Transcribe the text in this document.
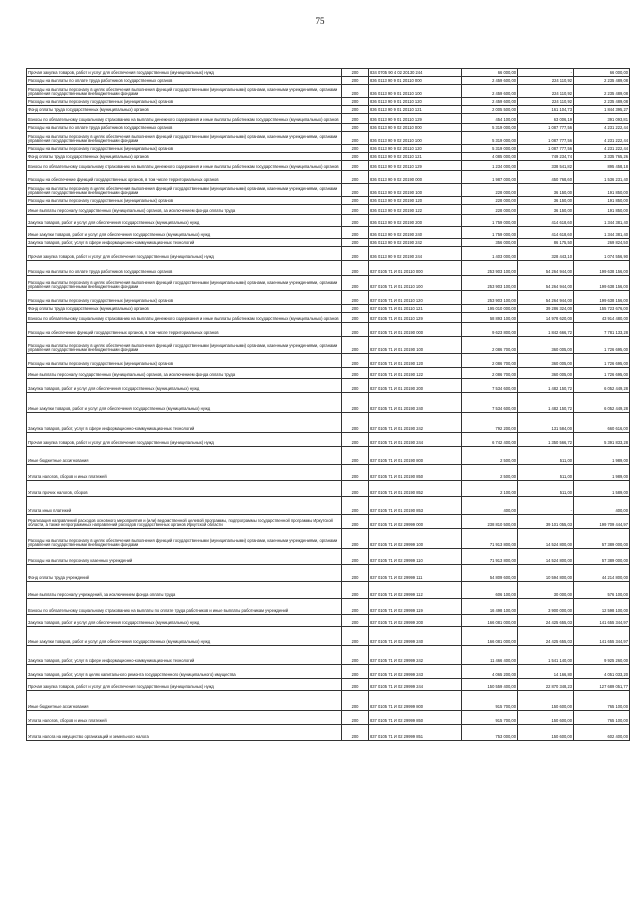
75
Прочая закупка товаров, работ и услуг для обеспечения государственных (муниципальных) нужд	200	834 0705 90 4 02 20130 244	66 000,00	-	66 000,00
Расходы на выплаты по оплате труда работников государственных органов	200	836 0113 90 9 01 20110 000	2 459 600,00	224 110,92	2 235 489,08
Расходы на выплаты персоналу в целях обеспечения выполнения функций государственными (муниципальными) органами, казенными учреждениями, органами управления государственными внебюджетными фондами	200	836 0113 90 9 01 20110 100	2 459 600,00	224 110,92	2 235 489,08
Расходы на выплаты персоналу государственных (муниципальных) органов	200	836 0113 90 9 01 20110 120	2 459 600,00	224 110,92	2 235 489,08
Фонд оплаты труда государственных (муниципальных) органов	200	836 0113 90 9 01 20110 121	2 005 500,00	161 104,73	1 844 395,27
Взносы по обязательному социальному страхованию на выплаты денежного содержания и иные выплаты работникам государственных (муниципальных) органов	200	836 0113 90 9 01 20110 129	454 100,00	63 006,19	391 093,81
Расходы на выплаты по оплате труда работников государственных органов	200	836 0113 90 9 02 20110 000	5 319 000,00	1 087 777,56	4 231 222,44
Расходы на выплаты персоналу в целях обеспечения выполнения функций государственными (муниципальными) органами, казенными учреждениями, органами управления государственными внебюджетными фондами	200	836 0113 90 9 02 20110 100	5 319 000,00	1 087 777,56	4 231 222,44
Расходы на выплаты персоналу государственных (муниципальных) органов	200	836 0113 90 9 02 20110 120	5 319 000,00	1 087 777,56	4 231 222,44
Фонд оплаты труда государственных (муниципальных) органов	200	836 0113 90 9 02 20110 121	4 085 000,00	749 234,74	3 335 765,26
Взносы по обязательному социальному страхованию на выплаты денежного содержания и иные выплаты работникам государственных (муниципальных) органов	200	836 0113 90 9 02 20110 129	1 234 000,00	338 541,82	895 458,18
Расходы на обеспечение функций государственных органов, в том числе территориальных органов	200	836 0113 90 9 02 20190 000	1 987 000,00	450 768,60	1 536 231,40
Расходы на выплаты персоналу в целях обеспечения выполнения функций государственными (муниципальными) органами, казенными учреждениями, органами управления государственными внебюджетными фондами	200	836 0113 90 9 02 20190 100	228 000,00	36 150,00	191 850,00
Расходы на выплаты персоналу государственных (муниципальных) органов	200	836 0113 90 9 02 20190 120	228 000,00	36 150,00	191 850,00
Иные выплаты персоналу государственных (муниципальных) органов, за исключением фонда оплаты труда	200	836 0113 90 9 02 20190 122	228 000,00	36 150,00	191 850,00
Закупка товаров, работ и услуг для обеспечения государственных (муниципальных) нужд	200	836 0113 90 9 02 20190 200	1 759 000,00	414 618,60	1 344 381,40
Иные закупки товаров, работ и услуг для обеспечения государственных (муниципальных) нужд	200	836 0113 90 9 02 20190 240	1 759 000,00	414 618,60	1 344 381,40
Закупка товаров, работ, услуг в сфере информационно-коммуникационных технологий	200	836 0113 90 9 02 20190 242	356 000,00	86 175,50	269 824,50
Прочая закупка товаров, работ и услуг для обеспечения государственных (муниципальных) нужд	200	836 0113 90 9 02 20190 244	1 403 000,00	328 443,10	1 074 556,90
Расходы на выплаты по оплате труда работников государственных органов	200	837 0105 71 И 01 20110 000	253 903 100,00	54 264 944,00	199 638 156,00
Расходы на выплаты персоналу в целях обеспечения выполнения функций государственными (муниципальными) органами, казенными учреждениями, органами управления государственными внебюджетными фондами	200	837 0105 71 И 01 20110 100	253 903 100,00	54 264 944,00	199 638 156,00
Расходы на выплаты персоналу государственных (муниципальных) органов	200	837 0105 71 И 01 20110 120	253 903 100,00	54 264 944,00	199 638 156,00
Фонд оплаты труда государственных (муниципальных) органов	200	837 0105 71 И 01 20110 121	195 010 000,00	39 286 324,00	155 723 676,00
Взносы по обязательному социальному страхованию на выплаты денежного содержания и иные выплаты работникам государственных (муниципальных) органов	200	837 0105 71 И 01 20110 129	58 893 100,00	14 978 620,00	43 914 480,00
Расходы на обеспечение функций государственных органов, в том числе территориальных органов	200	837 0105 71 И 01 20190 000	9 623 800,00	1 842 666,72	7 781 133,28
Расходы на выплаты персоналу в целях обеспечения выполнения функций государственными (муниципальными) органами, казенными учреждениями, органами управления государственными внебюджетными фондами	200	837 0105 71 И 01 20190 100	2 086 700,00	360 005,00	1 726 695,00
Расходы на выплаты персоналу государственных (муниципальных) органов	200	837 0105 71 И 01 20190 120	2 086 700,00	360 005,00	1 726 695,00
Иные выплаты персоналу государственных (муниципальных) органов, за исключением фонда оплаты труда	200	837 0105 71 И 01 20190 122	2 086 700,00	360 005,00	1 726 695,00
Закупка товаров, работ и услуг для обеспечения государственных (муниципальных) нужд	200	837 0105 71 И 01 20190 200	7 534 600,00	1 482 150,72	6 052 449,28
Иные закупки товаров, работ и услуг для обеспечения государственных (муниципальных) нужд	200	837 0105 71 И 01 20190 240	7 534 600,00	1 482 150,72	6 052 449,28
Закупка товаров, работ, услуг в сфере информационно-коммуникационных технологий	200	837 0105 71 И 01 20190 242	792 200,00	131 584,00	660 616,00
Прочая закупка товаров, работ и услуг для обеспечения государственных (муниципальных) нужд	200	837 0105 71 И 01 20190 244	6 742 400,00	1 350 566,72	5 391 833,28
Иные бюджетные ассигнования	200	837 0105 71 И 01 20190 800	2 500,00	511,00	1 989,00
Уплата налогов, сборов и иных платежей	200	837 0105 71 И 01 20190 850	2 500,00	511,00	1 989,00
Уплата прочих налогов, сборов	200	837 0105 71 И 01 20190 852	2 100,00	511,00	1 589,00
Уплата иных платежей	200	837 0105 71 И 01 20190 853	400,00	-	400,00
Реализация направлений расходов основного мероприятия и (или) ведомственной целевой программы, подпрограммы государственной программы Иркутской области, а также непрограммных направлений расходов государственных органов Иркутской области	200	837 0105 71 И 02 29999 000	238 810 500,00	39 101 055,03	199 709 444,97
Расходы на выплаты персоналу в целях обеспечения выполнения функций государственными (муниципальными) органами, казенными учреждениями, органами управления государственными внебюджетными фондами	200	837 0105 71 И 02 29999 100	71 913 800,00	14 524 800,00	57 389 000,00
Расходы на выплаты персоналу казенных учреждений	200	837 0105 71 И 02 29999 110	71 913 800,00	14 524 800,00	57 389 000,00
Фонд оплаты труда учреждений	200	837 0105 71 И 02 29999 111	54 809 600,00	10 594 800,00	44 214 800,00
Иные выплаты персоналу учреждений, за исключением фонда оплаты труда	200	837 0105 71 И 02 29999 112	606 100,00	30 000,00	576 100,00
Взносы по обязательному социальному страхованию на выплаты по оплате труда работников и иные выплаты работникам учреждений	200	837 0105 71 И 02 29999 119	16 498 100,00	3 900 000,00	12 598 100,00
Закупка товаров, работ и услуг для обеспечения государственных (муниципальных) нужд	200	837 0105 71 И 02 29999 200	166 081 000,00	24 425 655,03	141 655 344,97
Иные закупки товаров, работ и услуг для обеспечения государственных (муниципальных) нужд	200	837 0105 71 И 02 29999 240	166 081 000,00	24 425 655,03	141 655 344,97
Закупка товаров, работ, услуг в сфере информационно-коммуникационных технологий	200	837 0105 71 И 02 29999 242	11 466 400,00	1 541 140,00	9 925 260,00
Закупка товаров, работ, услуг в целях капитального ремонта государственного (муниципального) имущества	200	837 0105 71 И 02 29999 243	4 065 200,00	14 166,80	4 051 033,20
Прочая закупка товаров, работ и услуг для обеспечения государственных (муниципальных) нужд	200	837 0105 71 И 02 29999 244	150 559 400,00	22 870 348,23	127 689 051,77
Иные бюджетные ассигнования	200	837 0105 71 И 02 29999 800	915 700,00	150 600,00	765 100,00
Уплата налогов, сборов и иных платежей	200	837 0105 71 И 02 29999 850	915 700,00	150 600,00	765 100,00
Уплата налога на имущество организаций и земельного налога	200	837 0105 71 И 02 29999 851	753 000,00	150 600,00	602 400,00
